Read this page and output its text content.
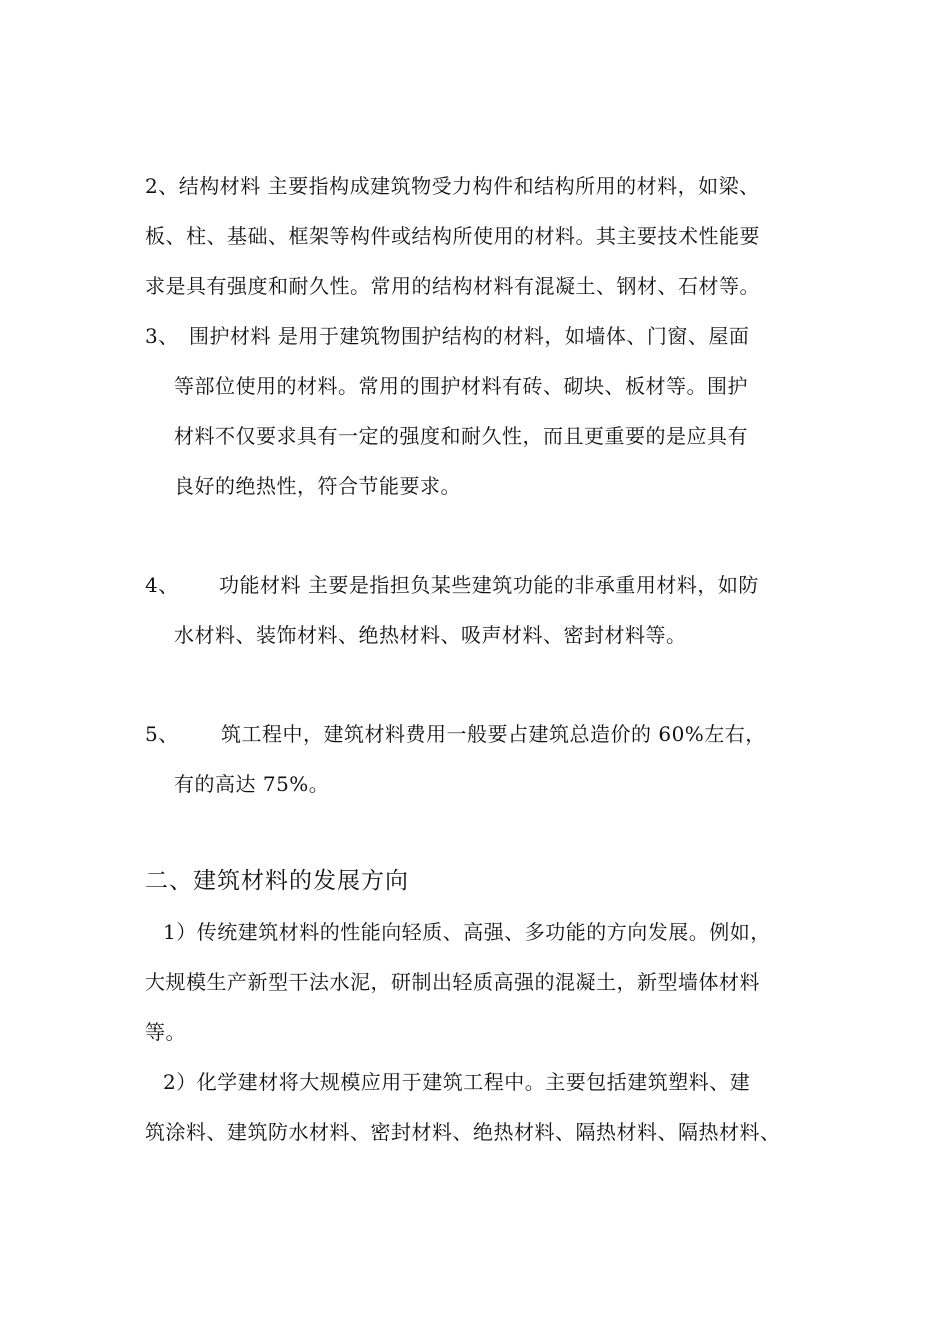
2、结构材料 主要指构成建筑物受力构件和结构所用的材料，如梁、
板、柱、基础、框架等构件或结构所使用的材料。其主要技术性能要
求是具有强度和耐久性。常用的结构材料有混凝土、钢材、石材等。
3、 围护材料 是用于建筑物围护结构的材料，如墙体、门窗、屋面
等部位使用的材料。常用的围护材料有砖、砌块、板材等。围护
材料不仅要求具有一定的强度和耐久性，而且更重要的是应具有
良好的绝热性，符合节能要求。
4、 功能材料 主要是指担负某些建筑功能的非承重用材料，如防
水材料、装饰材料、绝热材料、吸声材料、密封材料等。
5、 筑工程中，建筑材料费用一般要占建筑总造价的 60%左右，
有的高达 75%。
二、建筑材料的发展方向
1）传统建筑材料的性能向轻质、高强、多功能的方向发展。例如，
大规模生产新型干法水泥，研制出轻质高强的混凝土，新型墙体材料
等。
2）化学建材将大规模应用于建筑工程中。主要包括建筑塑料、建
筑涂料、建筑防水材料、密封材料、绝热材料、隔热材料、隔热材料、
